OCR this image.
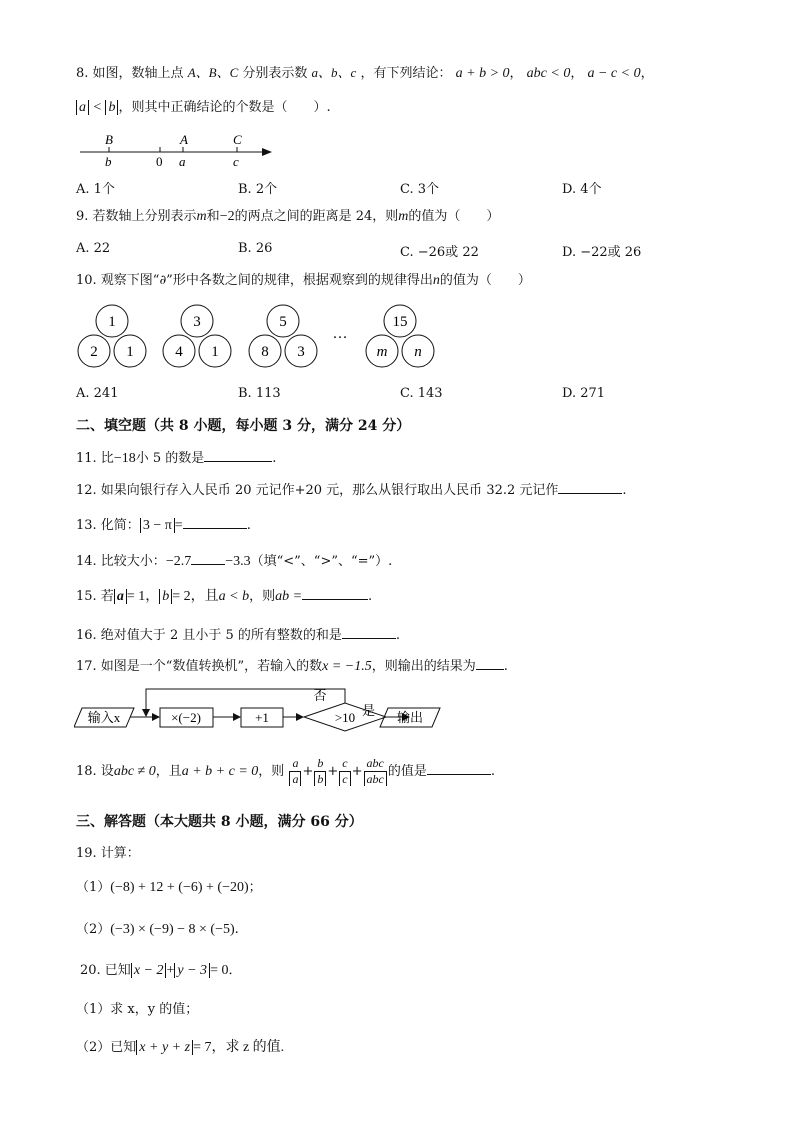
8. 如图，数轴上点 A、B、C 分别表示数 a、b、c ，有下列结论： a + b > 0， abc < 0， a − c < 0，
a < b ，则其中正确结论的个数是（　　）.
B	A	C
b	0 a	c
A. 1个	B. 2个	C. 3个	D. 4个
9. 若数轴上分别表示m和−2的两点之间的距离是 24，则m的值为（　　）
A. 22	B. 26	C. −26或 22	D. −22或 26
10. 观察下图“∂”形中各数之间的规律，根据观察到的规律得出n的值为（　　）
1
2 1
3
4 1
5
8 3
…
15
m n
A. 241	B. 113	C. 143	D. 271
二、填空题（共 8 小题，每小题 3 分，满分 24 分）
11. 比−18小 5 的数是	.
12. 如果向银行存入人民币 20 元记作+20 元，那么从银行取出人民币 32.2 元记作	.
13. 化简： 3 − π =	.
14. 比较大小：−2.7 −3.3（填“<”、“>”、“=”）.
15. 若 a = 1， b = 2，且a < b，则ab =	.
16. 绝对值大于 2 且小于 5 的所有整数的和是	.
17. 如图是一个“数值转换机”，若输入的数x = −1.5，则输出的结果为 .
输入x	×(−2)	+1	>10
否
是 输出
18. 设abc ≠ 0，且a + b + c = 0，则 $\frac{a}{a} + \frac{b}{b} + \frac{c}{c} + \frac{\text{abc}}{\text{abc}}$ 的值是	.
三、解答题（本大题共 8 小题，满分 66 分）
19. 计算：
（1）(−8) + 12 + (−6) + (−20)；
（2）(−3) × (−9) − 8 × (−5).
20. 已知 x − 2 + y − 3 = 0．
（1）求 x，y 的值；
（2）已知 x + y + z = 7，求 z 的值.
